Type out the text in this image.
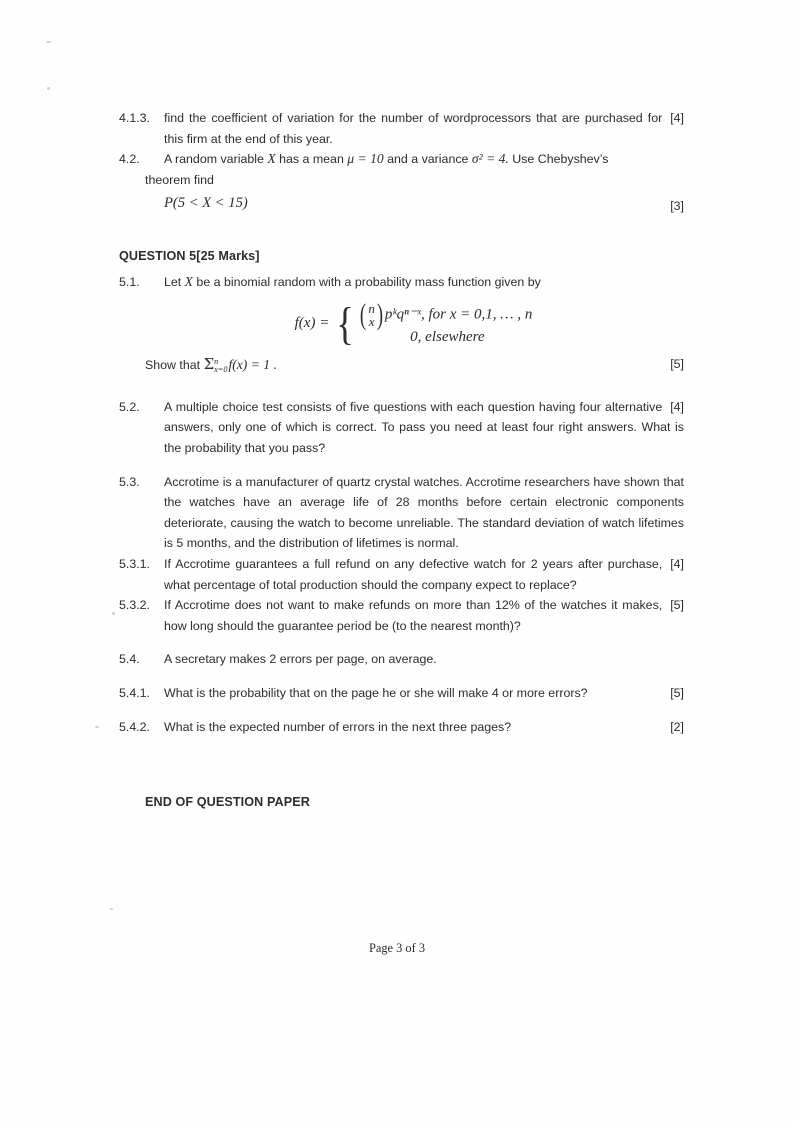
4.1.3.	[4]
find the coefficient of variation for the number of wordprocessors that are purchased for this firm at the end of this year.
4.2. A random variable X has a mean μ = 10 and a variance σ² = 4. Use Chebyshev’s
theorem find
[3]
P(5 < X < 15)
QUESTION 5[25 Marks]
5.1. Let X be a binomial random with a probability mass function given by
f(x) = { ( n
x ) pᵏqⁿ⁻ˣ, for x = 0,1, … , n
0, elsewhere
[5]
Show that Σ n
x=0 f(x) = 1 .
5.2.	[4]
A multiple choice test consists of five questions with each question having four alternative answers, only one of which is correct. To pass you need at least four right answers. What is the probability that you pass?
5.3. Accrotime is a manufacturer of quartz crystal watches. Accrotime researchers have shown that the watches have an average life of 28 months before certain electronic components deteriorate, causing the watch to become unreliable. The standard deviation of watch lifetimes is 5 months, and the distribution of lifetimes is normal.
5.3.1.	[4]
If Accrotime guarantees a full refund on any defective watch for 2 years after purchase, what percentage of total production should the company expect to replace?
5.3.2.	[5]
If Accrotime does not want to make refunds on more than 12% of the watches it makes, how long should the guarantee period be (to the nearest month)?
5.4. A secretary makes 2 errors per page, on average.
5.4.1.	[5]
What is the probability that on the page he or she will make 4 or more errors?
5.4.2.	[2]
What is the expected number of errors in the next three pages?
END OF QUESTION PAPER
Page 3 of 3
